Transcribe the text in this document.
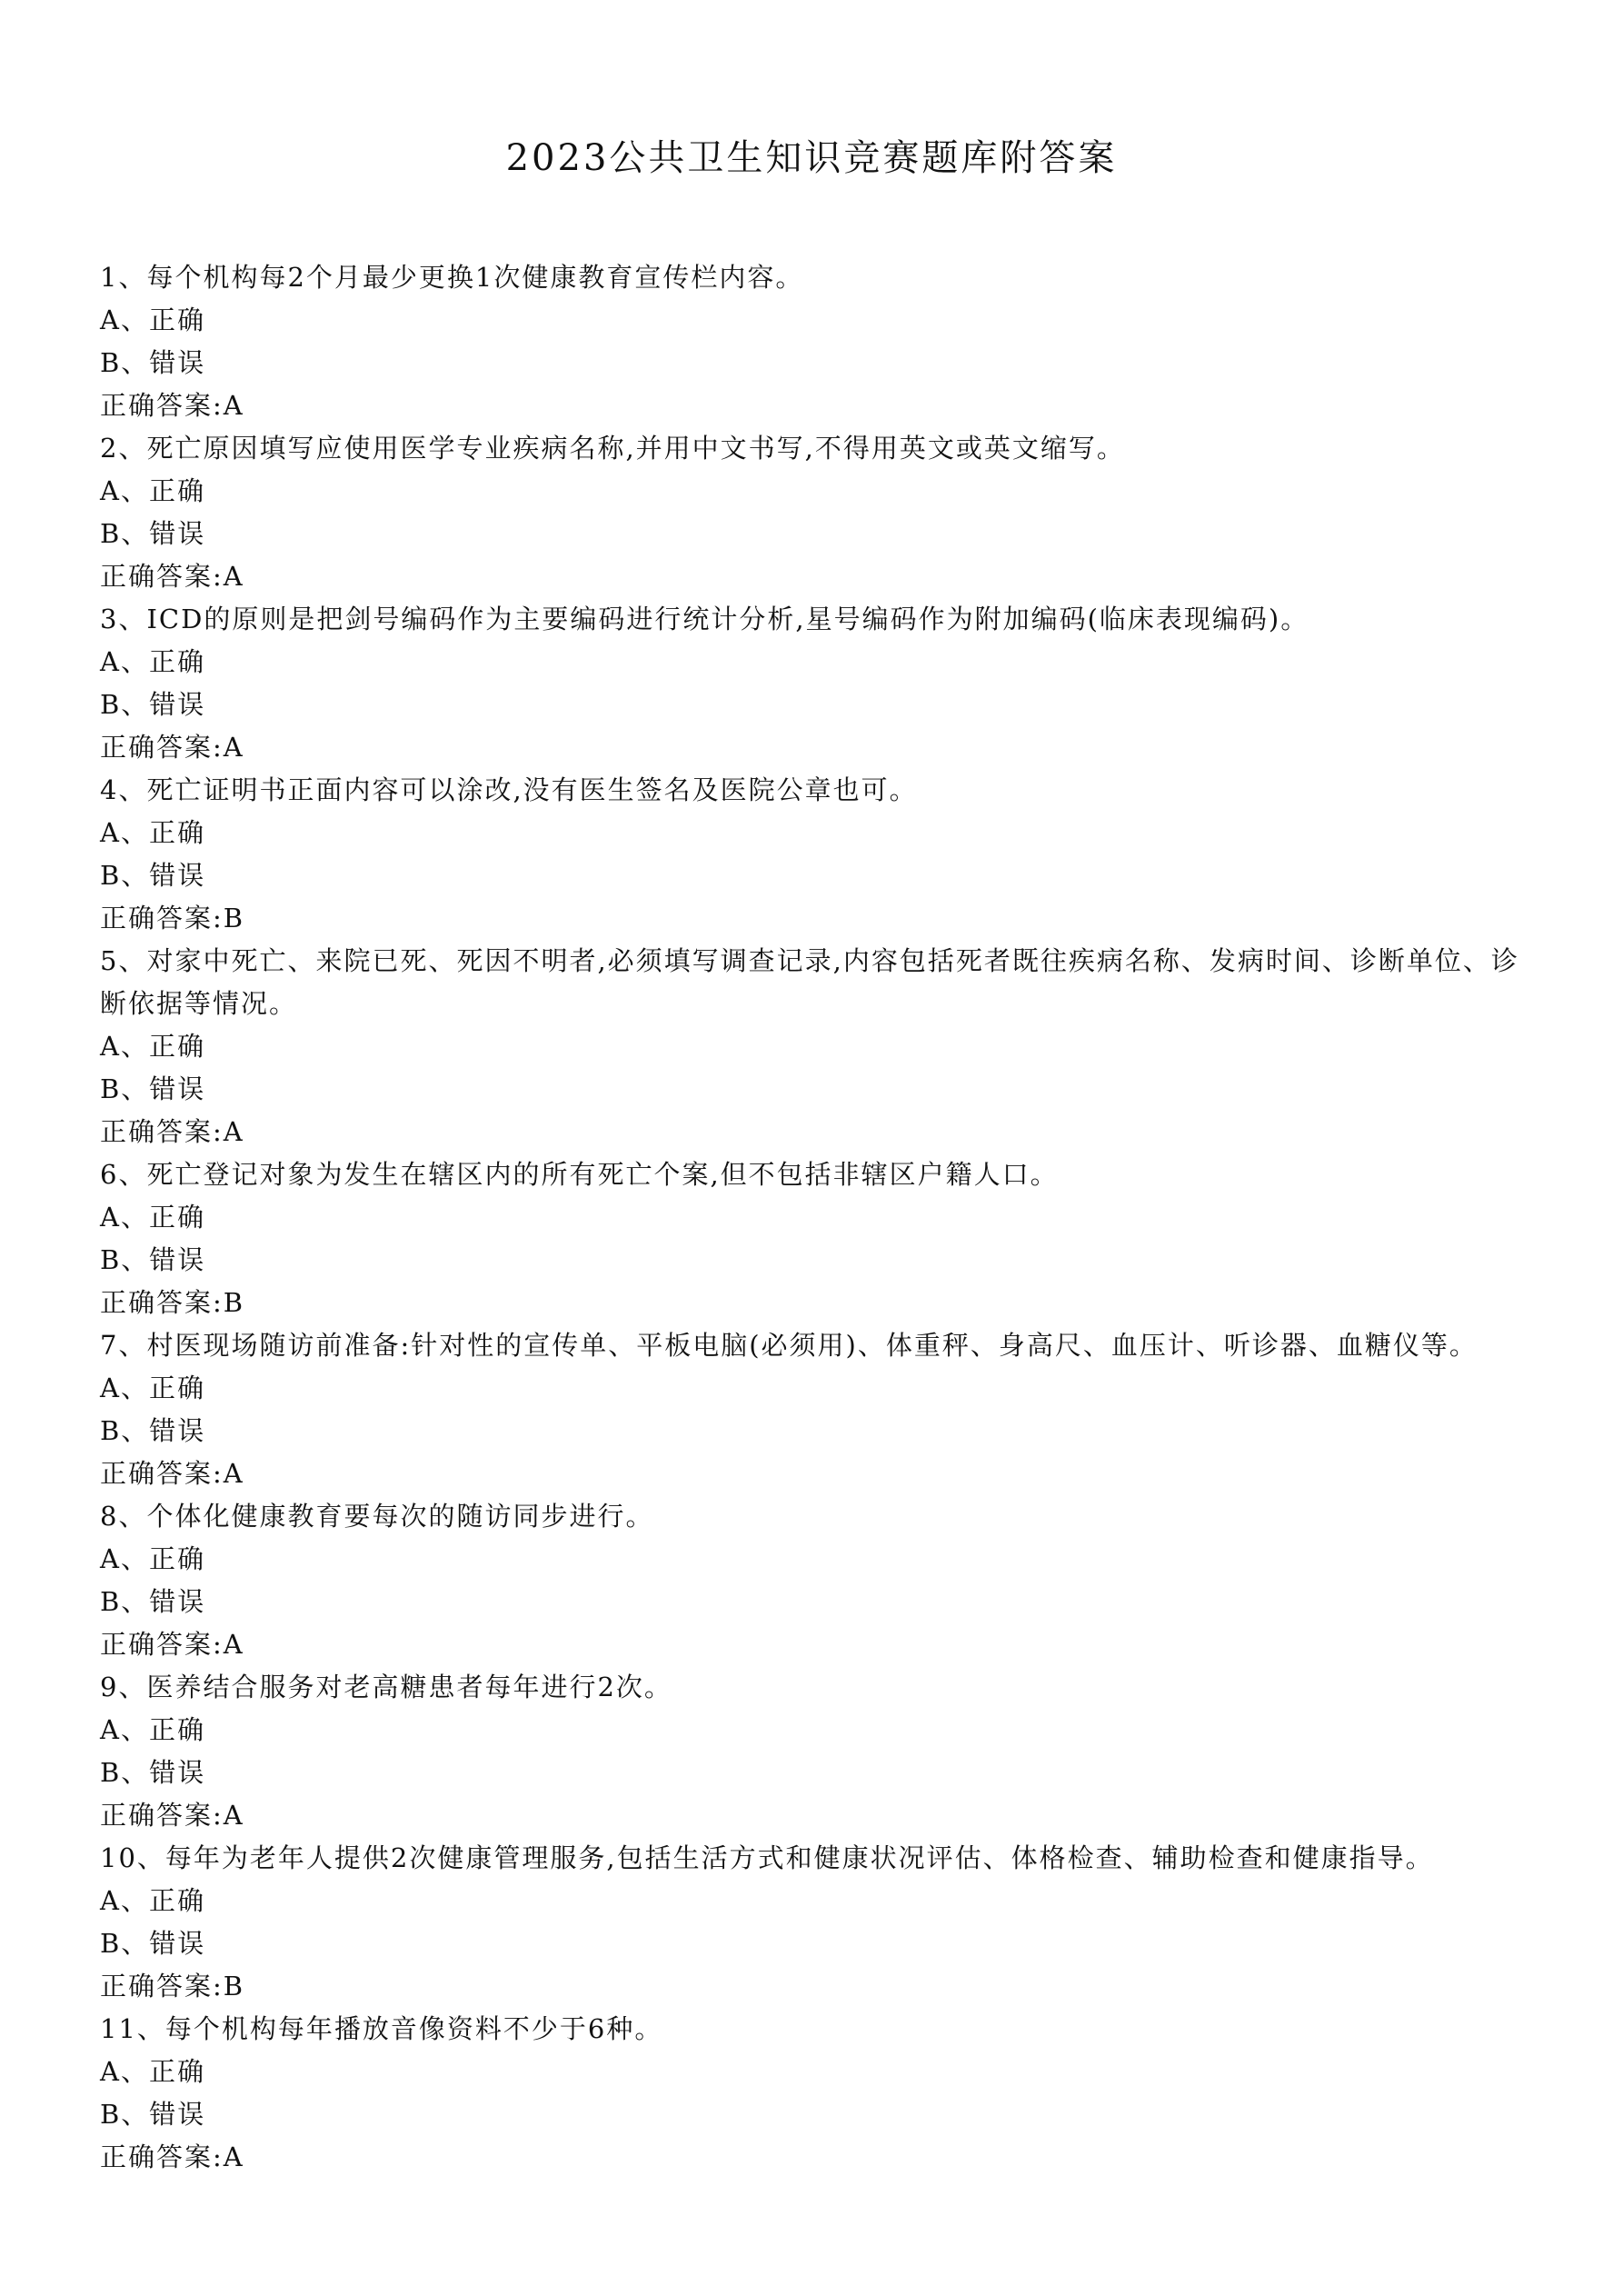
2023公共卫生知识竞赛题库附答案
1、每个机构每2个月最少更换1次健康教育宣传栏内容。
A、正确
B、错误
正确答案:A
2、死亡原因填写应使用医学专业疾病名称,并用中文书写,不得用英文或英文缩写。
A、正确
B、错误
正确答案:A
3、ICD的原则是把剑号编码作为主要编码进行统计分析,星号编码作为附加编码(临床表现编码)。
A、正确
B、错误
正确答案:A
4、死亡证明书正面内容可以涂改,没有医生签名及医院公章也可。
A、正确
B、错误
正确答案:B
5、对家中死亡、来院已死、死因不明者,必须填写调查记录,内容包括死者既往疾病名称、发病时间、诊断单位、诊断依据等情况。
A、正确
B、错误
正确答案:A
6、死亡登记对象为发生在辖区内的所有死亡个案,但不包括非辖区户籍人口。
A、正确
B、错误
正确答案:B
7、村医现场随访前准备:针对性的宣传单、平板电脑(必须用)、体重秤、身高尺、血压计、听诊器、血糖仪等。
A、正确
B、错误
正确答案:A
8、个体化健康教育要每次的随访同步进行。
A、正确
B、错误
正确答案:A
9、医养结合服务对老高糖患者每年进行2次。
A、正确
B、错误
正确答案:A
10、每年为老年人提供2次健康管理服务,包括生活方式和健康状况评估、体格检查、辅助检查和健康指导。
A、正确
B、错误
正确答案:B
11、每个机构每年播放音像资料不少于6种。
A、正确
B、错误
正确答案:A
